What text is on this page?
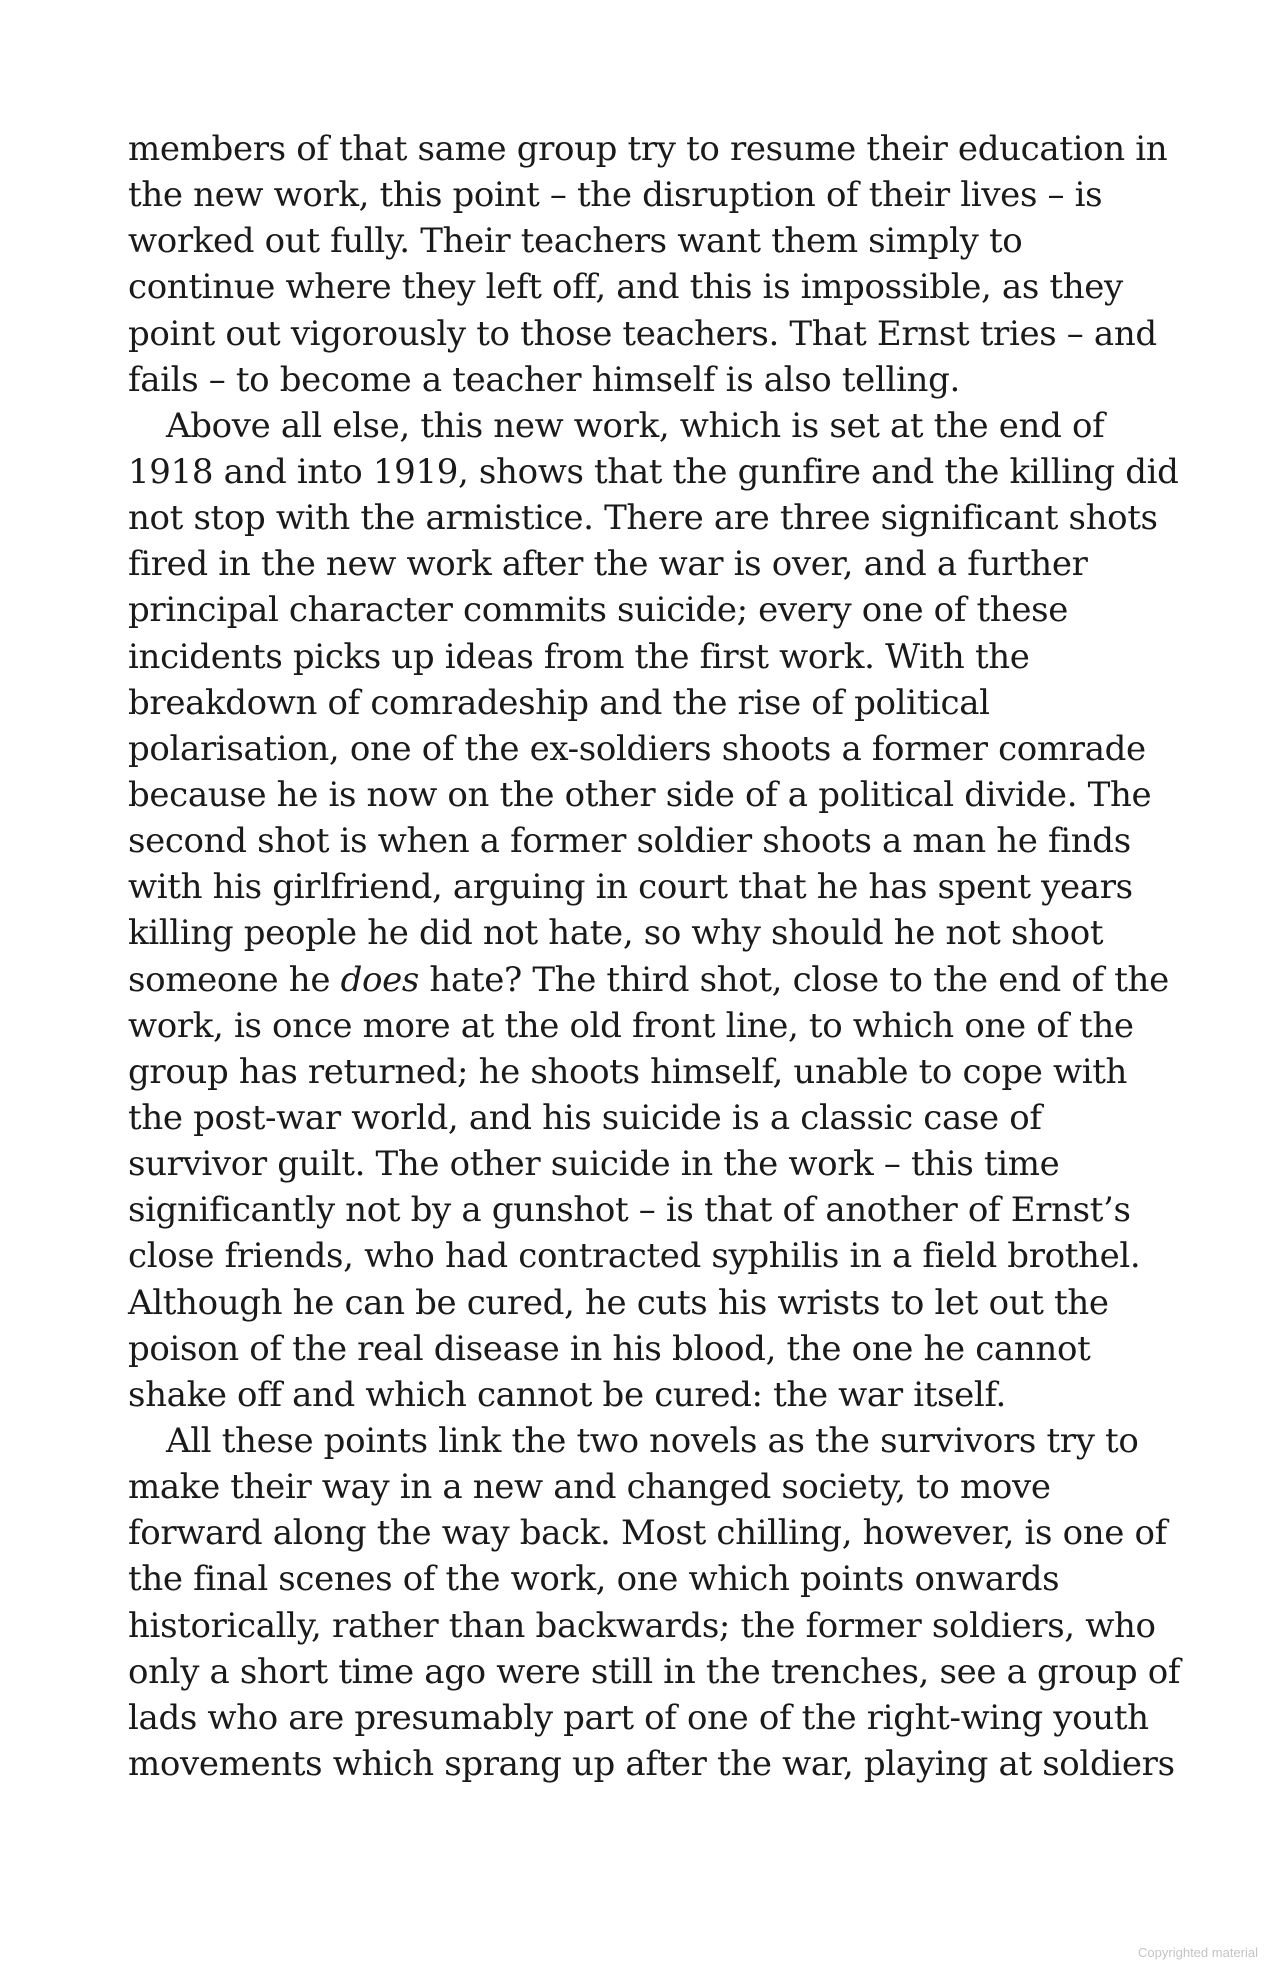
members of that same group try to resume their education in
the new work, this point – the disruption of their lives – is
worked out fully. Their teachers want them simply to
continue where they left off, and this is impossible, as they
point out vigorously to those teachers. That Ernst tries – and
fails – to become a teacher himself is also telling.
Above all else, this new work, which is set at the end of
1918 and into 1919, shows that the gunfire and the killing did
not stop with the armistice. There are three significant shots
fired in the new work after the war is over, and a further
principal character commits suicide; every one of these
incidents picks up ideas from the first work. With the
breakdown of comradeship and the rise of political
polarisation, one of the ex-soldiers shoots a former comrade
because he is now on the other side of a political divide. The
second shot is when a former soldier shoots a man he finds
with his girlfriend, arguing in court that he has spent years
killing people he did not hate, so why should he not shoot
someone he does hate? The third shot, close to the end of the
work, is once more at the old front line, to which one of the
group has returned; he shoots himself, unable to cope with
the post-war world, and his suicide is a classic case of
survivor guilt. The other suicide in the work – this time
significantly not by a gunshot – is that of another of Ernst’s
close friends, who had contracted syphilis in a field brothel.
Although he can be cured, he cuts his wrists to let out the
poison of the real disease in his blood, the one he cannot
shake off and which cannot be cured: the war itself.
All these points link the two novels as the survivors try to
make their way in a new and changed society, to move
forward along the way back. Most chilling, however, is one of
the final scenes of the work, one which points onwards
historically, rather than backwards; the former soldiers, who
only a short time ago were still in the trenches, see a group of
lads who are presumably part of one of the right-wing youth
movements which sprang up after the war, playing at soldiers
Copyrighted material
